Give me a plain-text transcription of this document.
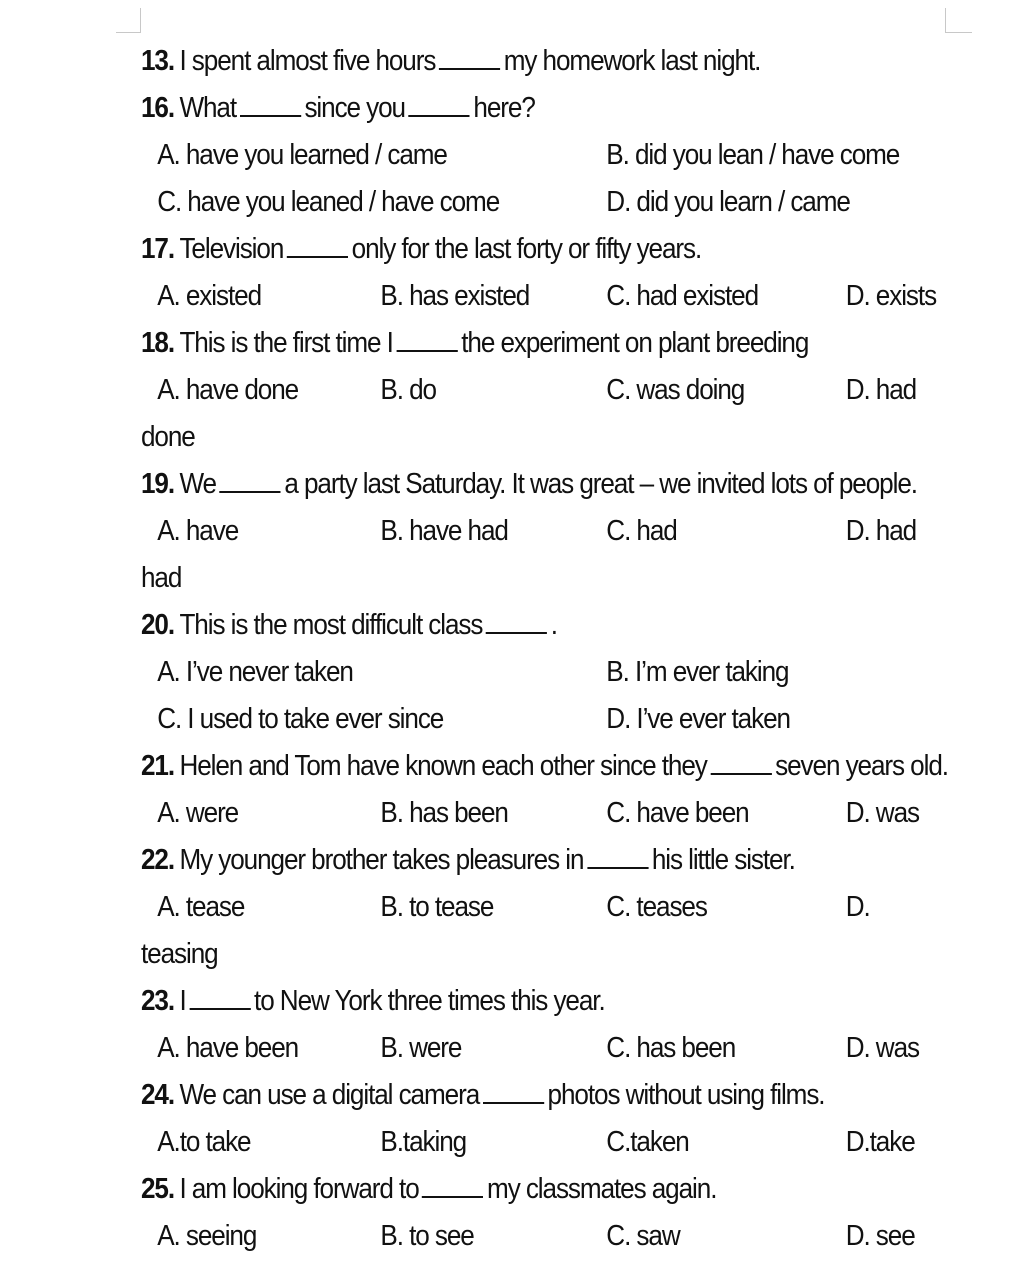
13. I spent almost five hours my homework last night.
16. What since you here?
A. have you learned / came	B. did you lean / have come
C. have you leaned / have come	D. did you learn / came
17. Television only for the last forty or fifty years.
A. existed	B. has existed	C. had existed	D. exists
18. This is the first time I the experiment on plant breeding
A. have done	B. do	C. was doing	D. had
done
19. We a party last Saturday. It was great – we invited lots of people.
A. have	B. have had	C. had	D. had
had
20. This is the most difficult class .
A. I’ve never taken	B. I’m ever taking
C. I used to take ever since	D. I’ve ever taken
21. Helen and Tom have known each other since they seven years old.
A. were	B. has been	C. have been	D. was
22. My younger brother takes pleasures in his little sister.
A. tease	B. to tease	C. teases	D.
teasing
23. I to New York three times this year.
A. have been	B. were	C. has been	D. was
24. We can use a digital camera photos without using films.
A.to take	B.taking	C.taken	D.take
25. I am looking forward to my classmates again.
A. seeing	B. to see	C. saw	D. see
